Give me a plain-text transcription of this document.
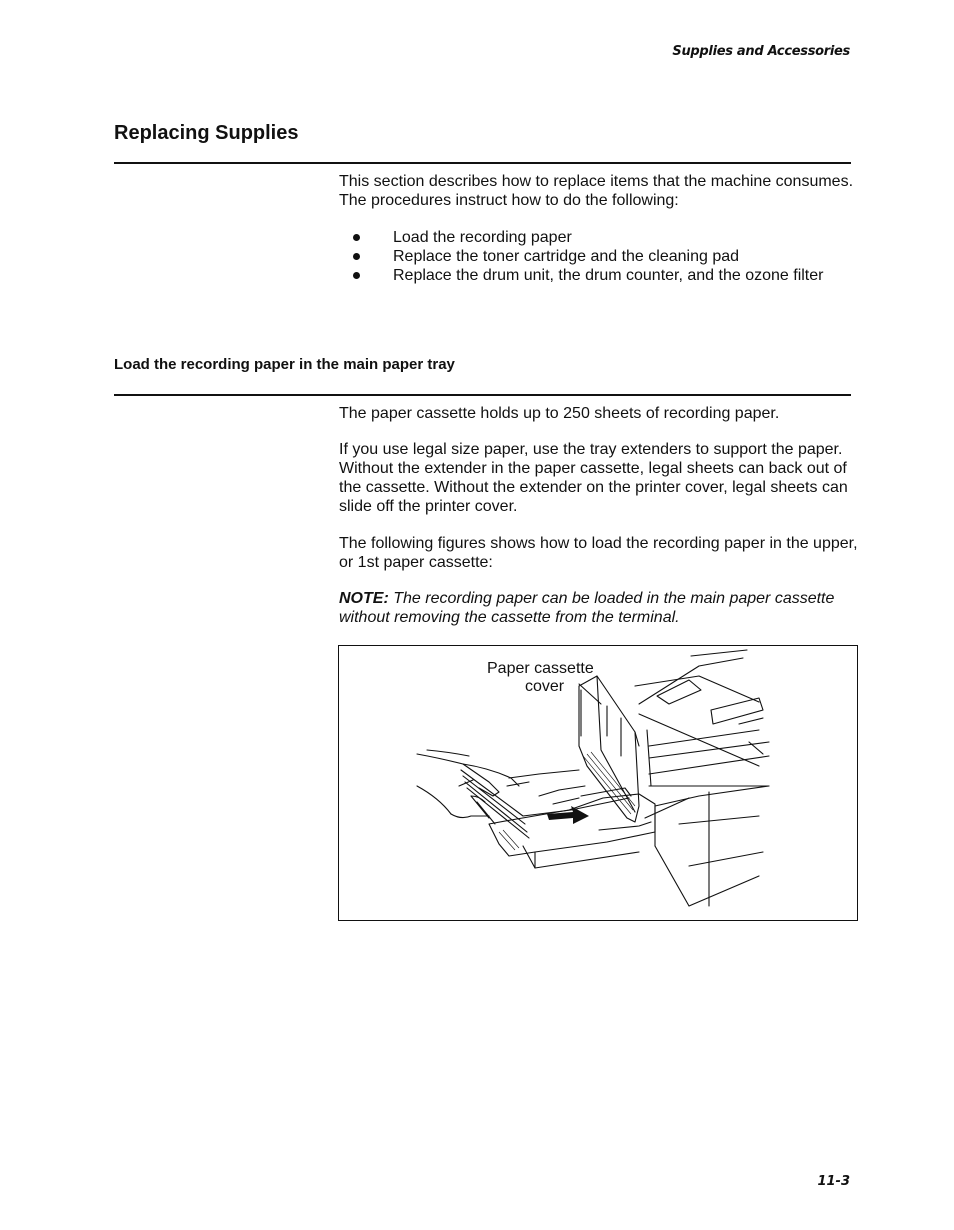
Supplies and Accessories
Replacing Supplies
This section describes how to replace items that the machine consumes. The procedures instruct how to do the following:
Load the recording paper
Replace the toner cartridge and the cleaning pad
Replace the drum unit, the drum counter, and the ozone filter
Load the recording paper in the main paper tray
The paper cassette holds up to 250 sheets of recording paper.
If you use legal size paper, use the tray extenders to support the paper. Without the extender in the paper cassette, legal sheets can back out of the cassette. Without the extender on the printer cover, legal sheets can slide off the printer cover.
The following figures shows how to load the recording paper in the upper, or 1st paper cassette:
NOTE: The recording paper can be loaded in the main paper cassette without removing the cassette from the terminal.
Paper cassette
cover
11-3
